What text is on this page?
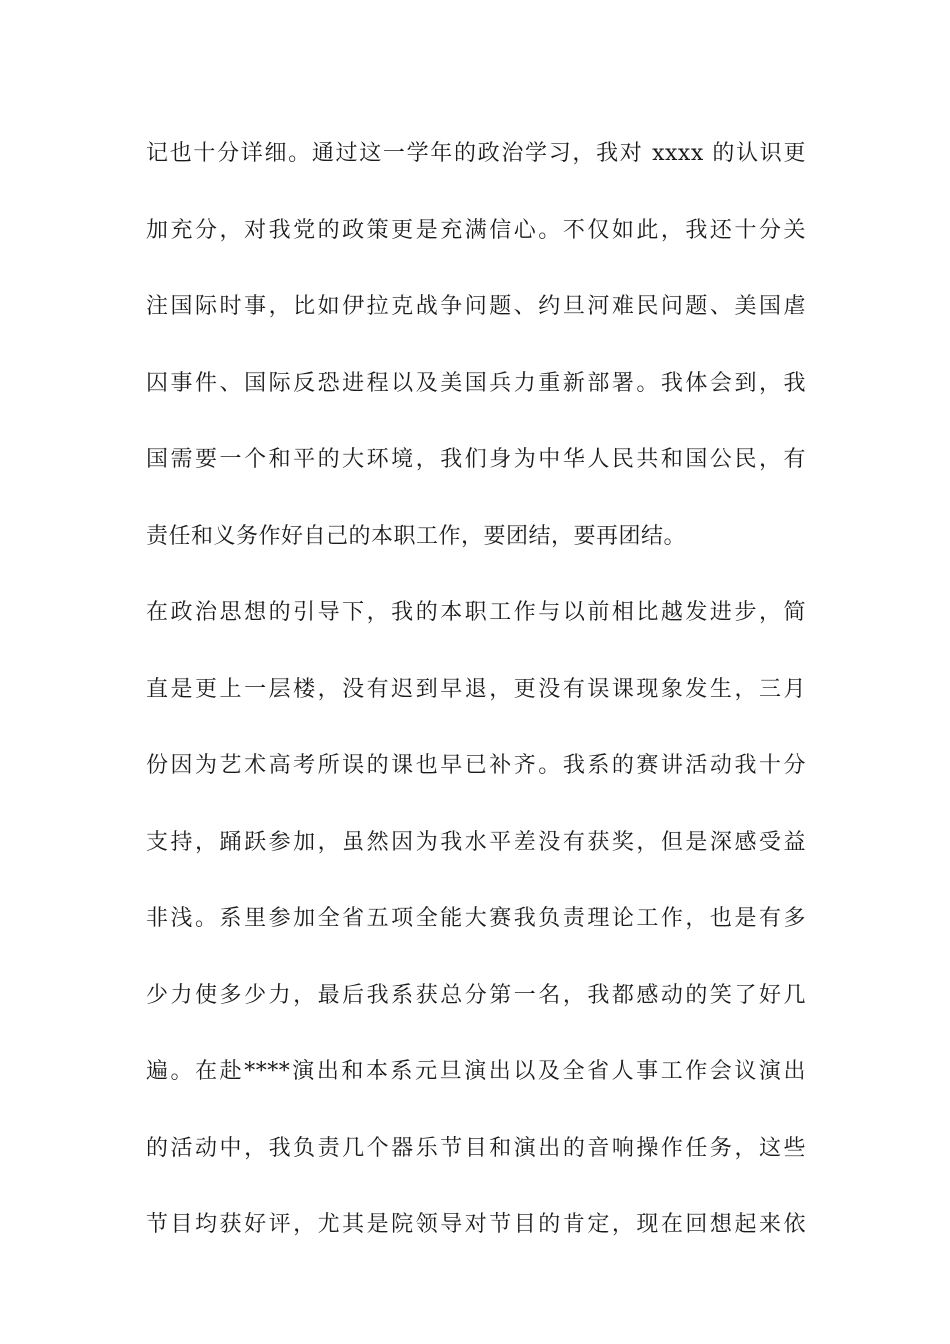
记也十分详细。通过这一学年的政治学习，我对 xxxx 的认识更
加充分，对我党的政策更是充满信心。不仅如此，我还十分关
注国际时事，比如伊拉克战争问题、约旦河难民问题、美国虐
囚事件、国际反恐进程以及美国兵力重新部署。我体会到，我
国需要一个和平的大环境，我们身为中华人民共和国公民，有
责任和义务作好自己的本职工作，要团结，要再团结。
在政治思想的引导下，我的本职工作与以前相比越发进步，简
直是更上一层楼，没有迟到早退，更没有误课现象发生，三月
份因为艺术高考所误的课也早已补齐。我系的赛讲活动我十分
支持，踊跃参加，虽然因为我水平差没有获奖，但是深感受益
非浅。系里参加全省五项全能大赛我负责理论工作，也是有多
少力使多少力，最后我系获总分第一名，我都感动的笑了好几
遍。在赴****演出和本系元旦演出以及全省人事工作会议演出
的活动中，我负责几个器乐节目和演出的音响操作任务，这些
节目均获好评，尤其是院领导对节目的肯定，现在回想起来依
